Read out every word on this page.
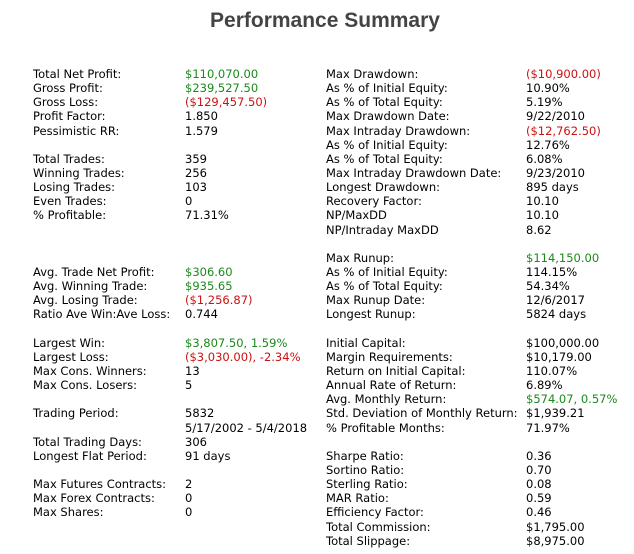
Performance Summary
Total Net Profit:	$110,070.00
Gross Profit:	$239,527.50
Gross Loss:	($129,457.50)
Profit Factor:	1.850
Pessimistic RR:	1.579
Total Trades:	359
Winning Trades:	256
Losing Trades:	103
Even Trades:	0
% Profitable:	71.31%
Avg. Trade Net Profit:	$306.60
Avg. Winning Trade:	$935.65
Avg. Losing Trade:	($1,256.87)
Ratio Ave Win:Ave Loss:	0.744
Largest Win:	$3,807.50, 1.59%
Largest Loss:	($3,030.00), -2.34%
Max Cons. Winners:	13
Max Cons. Losers:	5
Trading Period:	5832
5/17/2002 - 5/4/2018
Total Trading Days:	306
Longest Flat Period:	91 days
Max Futures Contracts:	2
Max Forex Contracts:	0
Max Shares:	0
Max Drawdown:	($10,900.00)
As % of Initial Equity:	10.90%
As % of Total Equity:	5.19%
Max Drawdown Date:	9/22/2010
Max Intraday Drawdown:	($12,762.50)
As % of Initial Equity:	12.76%
As % of Total Equity:	6.08%
Max Intraday Drawdown Date:	9/23/2010
Longest Drawdown:	895 days
Recovery Factor:	10.10
NP/MaxDD	10.10
NP/Intraday MaxDD	8.62
Max Runup:	$114,150.00
As % of Initial Equity:	114.15%
As % of Total Equity:	54.34%
Max Runup Date:	12/6/2017
Longest Runup:	5824 days
Initial Capital:	$100,000.00
Margin Requirements:	$10,179.00
Return on Initial Capital:	110.07%
Annual Rate of Return:	6.89%
Avg. Monthly Return:	$574.07, 0.57%
Std. Deviation of Monthly Return: $1,939.21
% Profitable Months:	71.97%
Sharpe Ratio:	0.36
Sortino Ratio:	0.70
Sterling Ratio:	0.08
MAR Ratio:	0.59
Efficiency Factor:	0.46
Total Commission:	$1,795.00
Total Slippage:	$8,975.00
